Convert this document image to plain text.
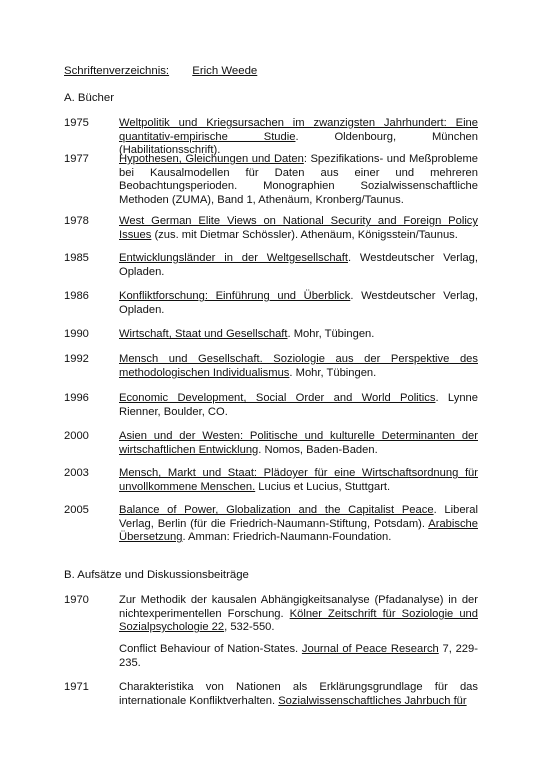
Schriftenverzeichnis: Erich Weede
A. Bücher
1975	Weltpolitik und Kriegsursachen im zwanzigsten Jahrhundert: Eine quantitativ-empirische Studie. Oldenbourg, München (Habilitationsschrift).
1977	Hypothesen, Gleichungen und Daten: Spezifikations- und Meßprobleme bei Kausalmodellen für Daten aus einer und mehreren Beobachtungsperioden. Monographien Sozialwissenschaftliche Methoden (ZUMA), Band 1, Athenäum, Kronberg/Taunus.
1978	West German Elite Views on National Security and Foreign Policy Issues (zus. mit Dietmar Schössler). Athenäum, Königsstein/Taunus.
1985	Entwicklungsländer in der Weltgesellschaft. Westdeutscher Verlag, Opladen.
1986	Konfliktforschung: Einführung und Überblick. Westdeutscher Verlag, Opladen.
1990	Wirtschaft, Staat und Gesellschaft. Mohr, Tübingen.
1992	Mensch und Gesellschaft. Soziologie aus der Perspektive des methodologischen Individualismus. Mohr, Tübingen.
1996	Economic Development, Social Order and World Politics. Lynne Rienner, Boulder, CO.
2000	Asien und der Westen: Politische und kulturelle Determinanten der wirtschaftlichen Entwicklung. Nomos, Baden-Baden.
2003	Mensch, Markt und Staat: Plädoyer für eine Wirtschaftsordnung für unvollkommene Menschen. Lucius et Lucius, Stuttgart.
2005	Balance of Power, Globalization and the Capitalist Peace. Liberal Verlag, Berlin (für die Friedrich-Naumann-Stiftung, Potsdam). Arabische Übersetzung. Amman: Friedrich-Naumann-Foundation.
B. Aufsätze und Diskussionsbeiträge
1970	Zur Methodik der kausalen Abhängigkeitsanalyse (Pfadanalyse) in der nichtexperimentellen Forschung. Kölner Zeitschrift für Soziologie und Sozialpsychologie 22, 532-550.
Conflict Behaviour of Nation-States. Journal of Peace Research 7, 229-235.
1971	Charakteristika von Nationen als Erklärungsgrundlage für das internationale Konfliktverhalten. Sozialwissenschaftliches Jahrbuch für
